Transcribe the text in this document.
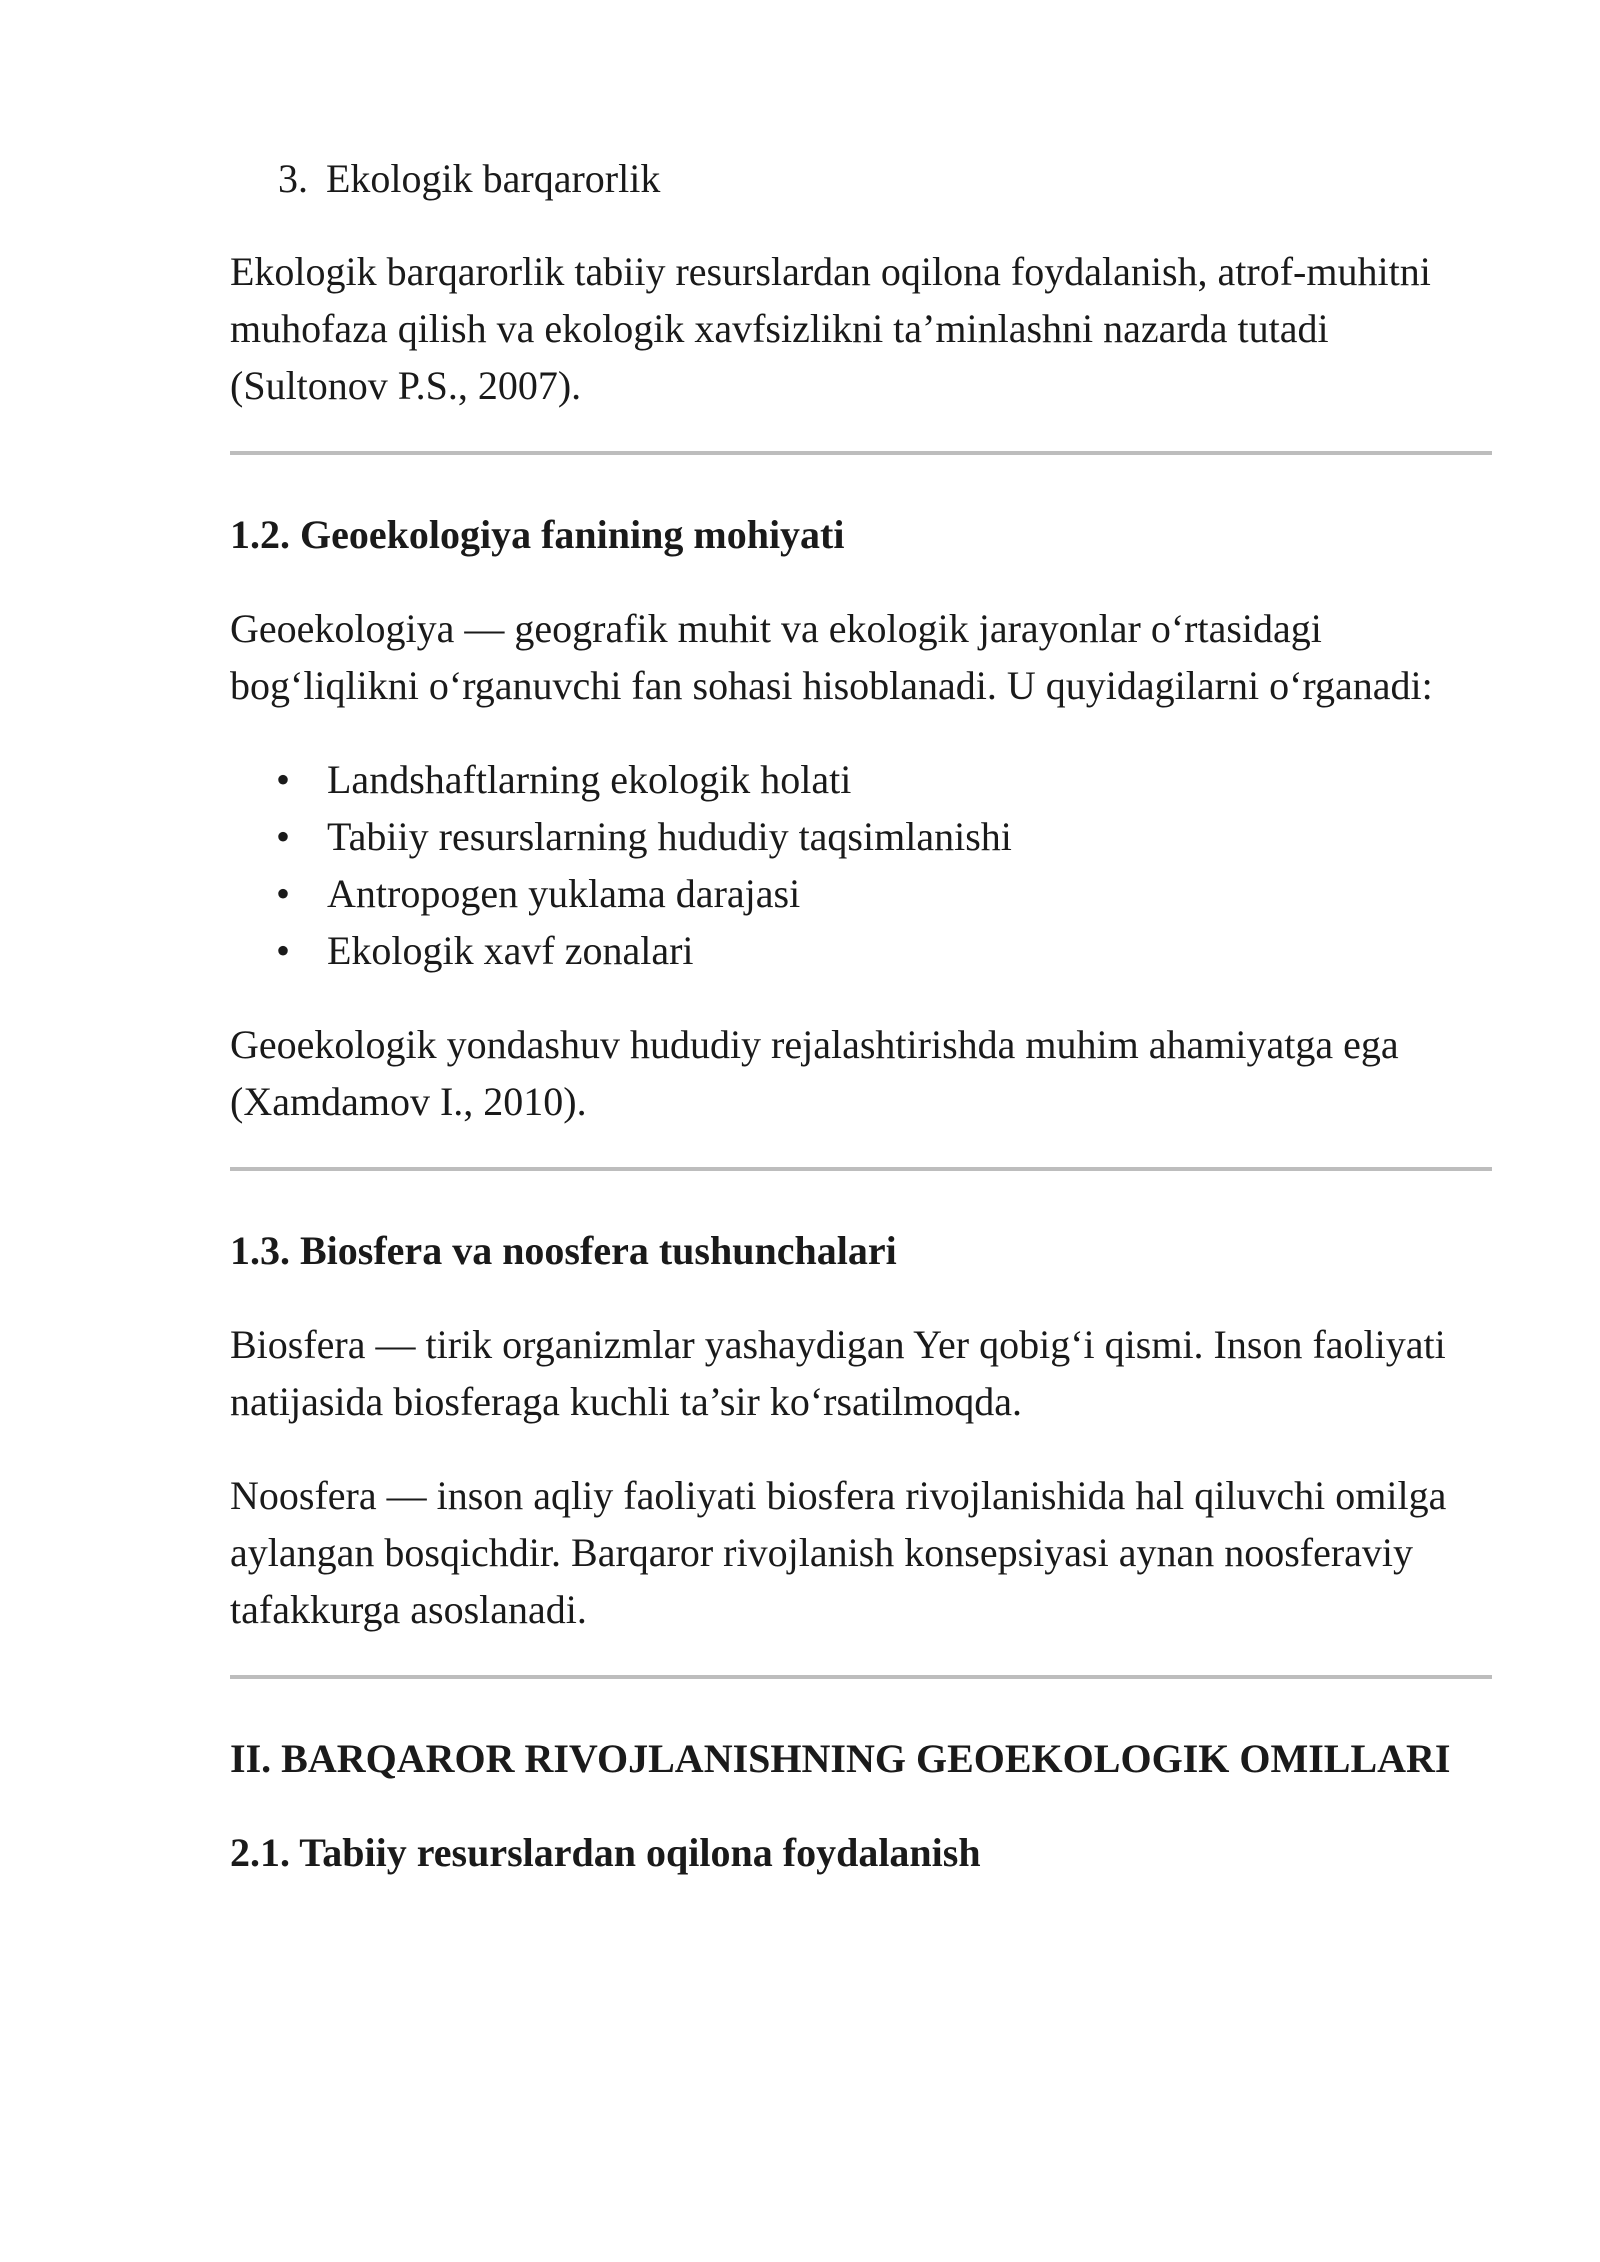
3. Ekologik barqarorlik

Ekologik barqarorlik tabiiy resurslardan oqilona foydalanish, atrof-muhitni muhofaza qilish va ekologik xavfsizlikni ta’minlashni nazarda tutadi (Sultonov P.S., 2007).

1.2. Geoekologiya fanining mohiyati

Geoekologiya — geografik muhit va ekologik jarayonlar o‘rtasidagi bog‘liqlikni o‘rganuvchi fan sohasi hisoblanadi. U quyidagilarni o‘rganadi:

• Landshaftlarning ekologik holati
• Tabiiy resurslarning hududiy taqsimlanishi
• Antropogen yuklama darajasi
• Ekologik xavf zonalari

Geoekologik yondashuv hududiy rejalashtirishda muhim ahamiyatga ega (Xamdamov I., 2010).

1.3. Biosfera va noosfera tushunchalari

Biosfera — tirik organizmlar yashaydigan Yer qobig‘i qismi. Inson faoliyati natijasida biosferaga kuchli ta’sir ko‘rsatilmoqda.

Noosfera — inson aqliy faoliyati biosfera rivojlanishida hal qiluvchi omilga aylangan bosqichdir. Barqaror rivojlanish konsepsiyasi aynan noosferaviy tafakkurga asoslanadi.

II. BARQAROR RIVOJLANISHNING GEOEKOLOGIK OMILLARI
2.1. Tabiiy resurslardan oqilona foydalanish
